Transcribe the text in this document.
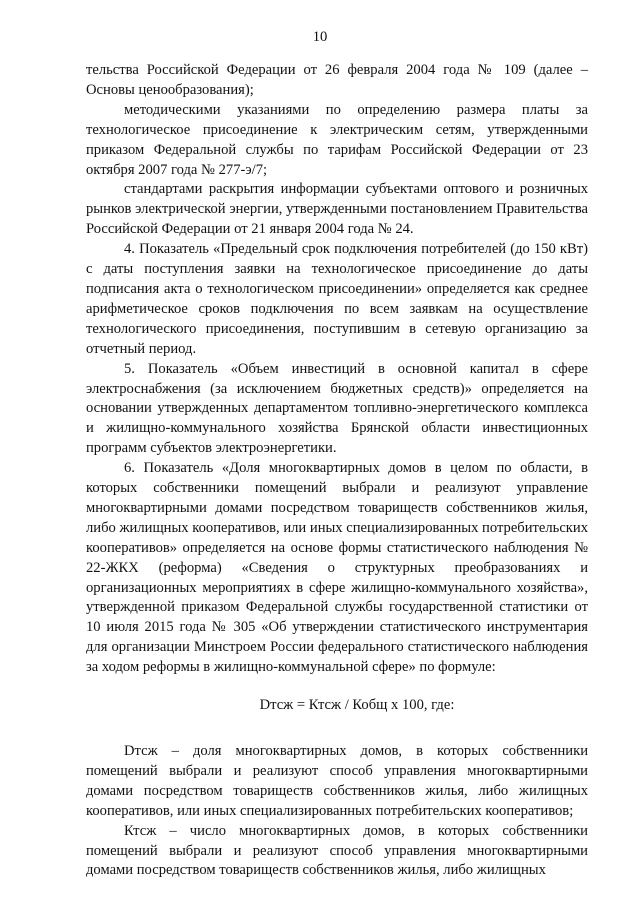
10

тельства Российской Федерации от 26 февраля 2004 года № 109 (далее – Основы ценообразования);

методическими указаниями по определению размера платы за технологическое присоединение к электрическим сетям, утвержденными приказом Федеральной службы по тарифам Российской Федерации от 23 октября 2007 года № 277-э/7;

стандартами раскрытия информации субъектами оптового и розничных рынков электрической энергии, утвержденными постановлением Правительства Российской Федерации от 21 января 2004 года № 24.

4. Показатель «Предельный срок подключения потребителей (до 150 кВт) с даты поступления заявки на технологическое присоединение до даты подписания акта о технологическом присоединении» определяется как среднее арифметическое сроков подключения по всем заявкам на осуществление технологического присоединения, поступившим в сетевую организацию за отчетный период.

5. Показатель «Объем инвестиций в основной капитал в сфере электроснабжения (за исключением бюджетных средств)» определяется на основании утвержденных департаментом топливно-энергетического комплекса и жилищно-коммунального хозяйства Брянской области инвестиционных программ субъектов электроэнергетики.

6. Показатель «Доля многоквартирных домов в целом по области, в которых собственники помещений выбрали и реализуют управление многоквартирными домами посредством товариществ собственников жилья, либо жилищных кооперативов, или иных специализированных потребительских кооперативов» определяется на основе формы статистического наблюдения № 22-ЖКХ (реформа) «Сведения о структурных преобразованиях и организационных мероприятиях в сфере жилищно-коммунального хозяйства», утвержденной приказом Федеральной службы государственной статистики от 10 июля 2015 года № 305 «Об утверждении статистического инструментария для организации Минстроем России федерального статистического наблюдения за ходом реформы в жилищно-коммунальной сфере» по формуле:

Dтсж = Ктсж / Кобщ х 100, где:

Dтсж – доля многоквартирных домов, в которых собственники помещений выбрали и реализуют способ управления многоквартирными домами посредством товариществ собственников жилья, либо жилищных кооперативов, или иных специализированных потребительских кооперативов;

Ктсж – число многоквартирных домов, в которых собственники помещений выбрали и реализуют способ управления многоквартирными домами посредством товариществ собственников жилья, либо жилищных
